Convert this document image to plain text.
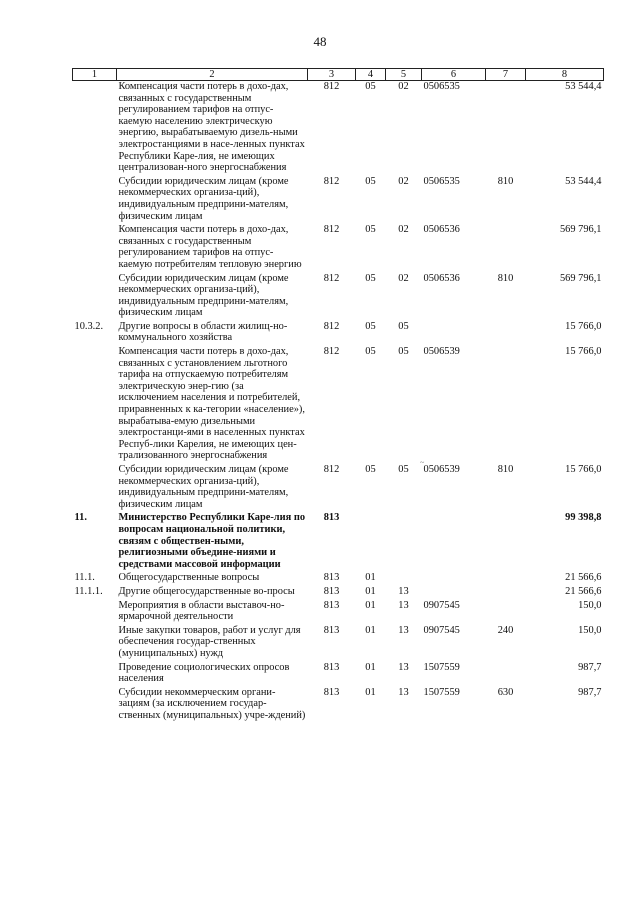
48
1	2	3	4	5	6	7	8
	Компенсация части потерь в дохо-дах, связанных с государственным регулированием тарифов на отпус-каемую населению электрическую энергию, вырабатываемую дизель-ными электростанциями в насе-ленных пунктах Республики Каре-лия, не имеющих централизован-ного энергоснабжения	812	05	02	0506535		53 544,4
	Субсидии юридическим лицам (кроме некоммерческих организа-ций), индивидуальным предприни-мателям, физическим лицам	812	05	02	0506535	810	53 544,4
	Компенсация части потерь в дохо-дах, связанных с государственным регулированием тарифов на отпус-каемую потребителям тепловую энергию	812	05	02	0506536		569 796,1
	Субсидии юридическим лицам (кроме некоммерческих организа-ций), индивидуальным предприни-мателям, физическим лицам	812	05	02	0506536	810	569 796,1
10.3.2.	Другие вопросы в области жилищ-но-коммунального хозяйства	812	05	05			15 766,0
	Компенсация части потерь в дохо-дах, связанных с установлением льготного тарифа на отпускаемую потребителям электрическую энер-гию (за исключением населения и потребителей, приравненных к ка-тегории «население»), вырабатыва-емую дизельными электростанци-ями в населенных пунктах Респуб-лики Карелия, не имеющих цен-трализованного энергоснабжения	812	05	05	0506539		15 766,0
	Субсидии юридическим лицам (кроме некоммерческих организа-ций), индивидуальным предприни-мателям, физическим лицам	812	05	05	0506539	810	15 766,0
11.	Министерство Республики Каре-лия по вопросам национальной политики, связям с обществен-ными, религиозными объедине-ниями и средствами массовой информации	813					99 398,8
11.1.	Общегосударственные вопросы	813	01				21 566,6
11.1.1.	Другие общегосударственные во-просы	813	01	13			21 566,6
	Мероприятия в области выставоч-но-ярмарочной деятельности	813	01	13	0907545		150,0
	Иные закупки товаров, работ и услуг для обеспечения государ-ственных (муниципальных) нужд	813	01	13	0907545	240	150,0
	Проведение социологических опросов населения	813	01	13	1507559		987,7
	Субсидии некоммерческим органи-зациям (за исключением государ-ственных (муниципальных) учре-ждений)	813	01	13	1507559	630	987,7
~
